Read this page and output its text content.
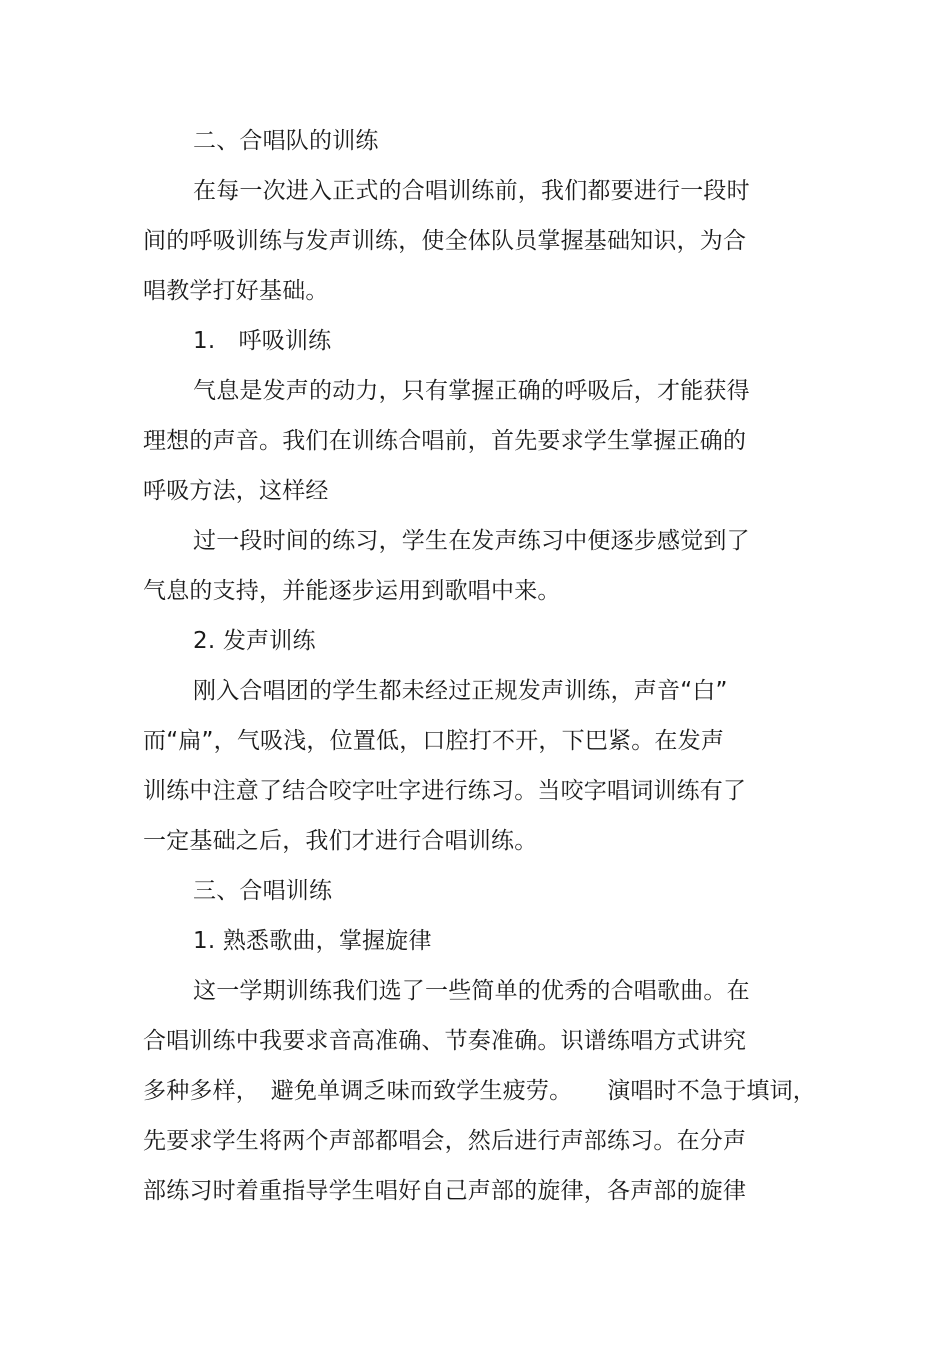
二、合唱队的训练

在每一次进入正式的合唱训练前，我们都要进行一段时

间的呼吸训练与发声训练，使全体队员掌握基础知识，为合

唱教学打好基础。

1.　呼吸训练

气息是发声的动力，只有掌握正确的呼吸后，才能获得

理想的声音。我们在训练合唱前，首先要求学生掌握正确的

呼吸方法，这样经

过一段时间的练习，学生在发声练习中便逐步感觉到了

气息的支持，并能逐步运用到歌唱中来。

2. 发声训练

刚入合唱团的学生都未经过正规发声训练，声音“白”

而“扁”，气吸浅，位置低，口腔打不开，下巴紧。在发声

训练中注意了结合咬字吐字进行练习。当咬字唱词训练有了

一定基础之后，我们才进行合唱训练。

三、合唱训练

1. 熟悉歌曲，掌握旋律

这一学期训练我们选了一些简单的优秀的合唱歌曲。在

合唱训练中我要求音高准确、节奏准确。识谱练唱方式讲究

多种多样，　避免单调乏味而致学生疲劳。　　演唱时不急于填词，

先要求学生将两个声部都唱会，然后进行声部练习。在分声

部练习时着重指导学生唱好自己声部的旋律，各声部的旋律
